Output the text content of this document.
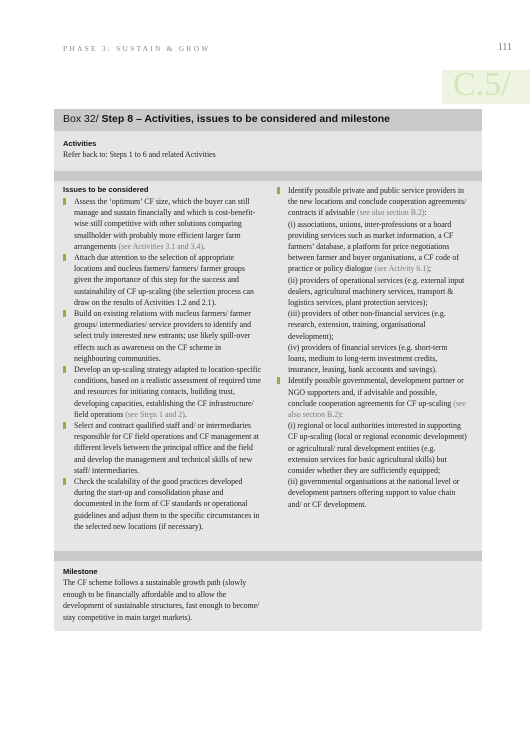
PHASE 3: SUSTAIN & GROW	111
C.5/
Box 32/ Step 8 – Activities, issues to be considered and milestone
Activities
Refer back to: Steps 1 to 6 and related Activities
Issues to be considered
Assess the ‘optimum’ CF size, which the buyer can still manage and sustain financially and which is cost-benefit-wise still competitive with other solutions comparing smallholder with probably more efficient larger farm arrangements (see Activities 3.1 and 3.4).
Attach due attention to the selection of appropriate locations and nucleus farmers/ farmers/ farmer groups given the importance of this step for the success and sustainability of CF up-scaling (the selection process can draw on the results of Activities 1.2 and 2.1).
Build on existing relations with nucleus farmers/ farmer groups/ intermediaries/ service providers to identify and select truly interested new entrants; use likely spill-over effects such as awareness on the CF scheme in neighbouring communities.
Develop an up-scaling strategy adapted to location-specific conditions, based on a realistic assessment of required time and resources for initiating contacts, building trust, developing capacities, establishing the CF infrastructure/ field operations (see Steps 1 and 2).
Select and contract qualified staff and/ or intermediaries responsible for CF field operations and CF management at different levels between the principal office and the field and develop the management and technical skills of new staff/ intermediaries.
Check the scalability of the good practices developed during the start-up and consolidation phase and documented in the form of CF standards or operational guidelines and adjust them to the specific circumstances in the selected new locations (if necessary).
Identify possible private and public service providers in the new locations and conclude cooperation agreements/ contracts if advisable (see also section B.2):
(i) associations, unions, inter-professions or a board providing services such as market information, a CF farmers’ database, a platform for price negotiations between farmer and buyer organisations, a CF code of practice or policy dialogue (see Activity 6.1);
(ii) providers of operational services (e.g. external input dealers, agricultural machinery services, transport & logistics services, plant protection services);
(iii) providers of other non-financial services (e.g. research, extension, training, organisational development);
(iv) providers of financial services (e.g. short-term loans, medium to long-term investment credits, insurance, leasing, bank accounts and savings).
Identify possible governmental, development partner or NGO supporters and, if advisable and possible, conclude cooperation agreements for CF up-scaling (see also section B.2):
(i) regional or local authorities interested in supporting CF up-scaling (local or regional economic development) or agricultural/ rural development entities (e.g. extension services for basic agricultural skills) but consider whether they are sufficiently equipped;
(ii) governmental organisations at the national level or development partners offering support to value chain and/ or CF development.
Milestone
The CF scheme follows a sustainable growth path (slowly enough to be financially affordable and to allow the development of sustainable structures, fast enough to become/ stay competitive in main target markets).
